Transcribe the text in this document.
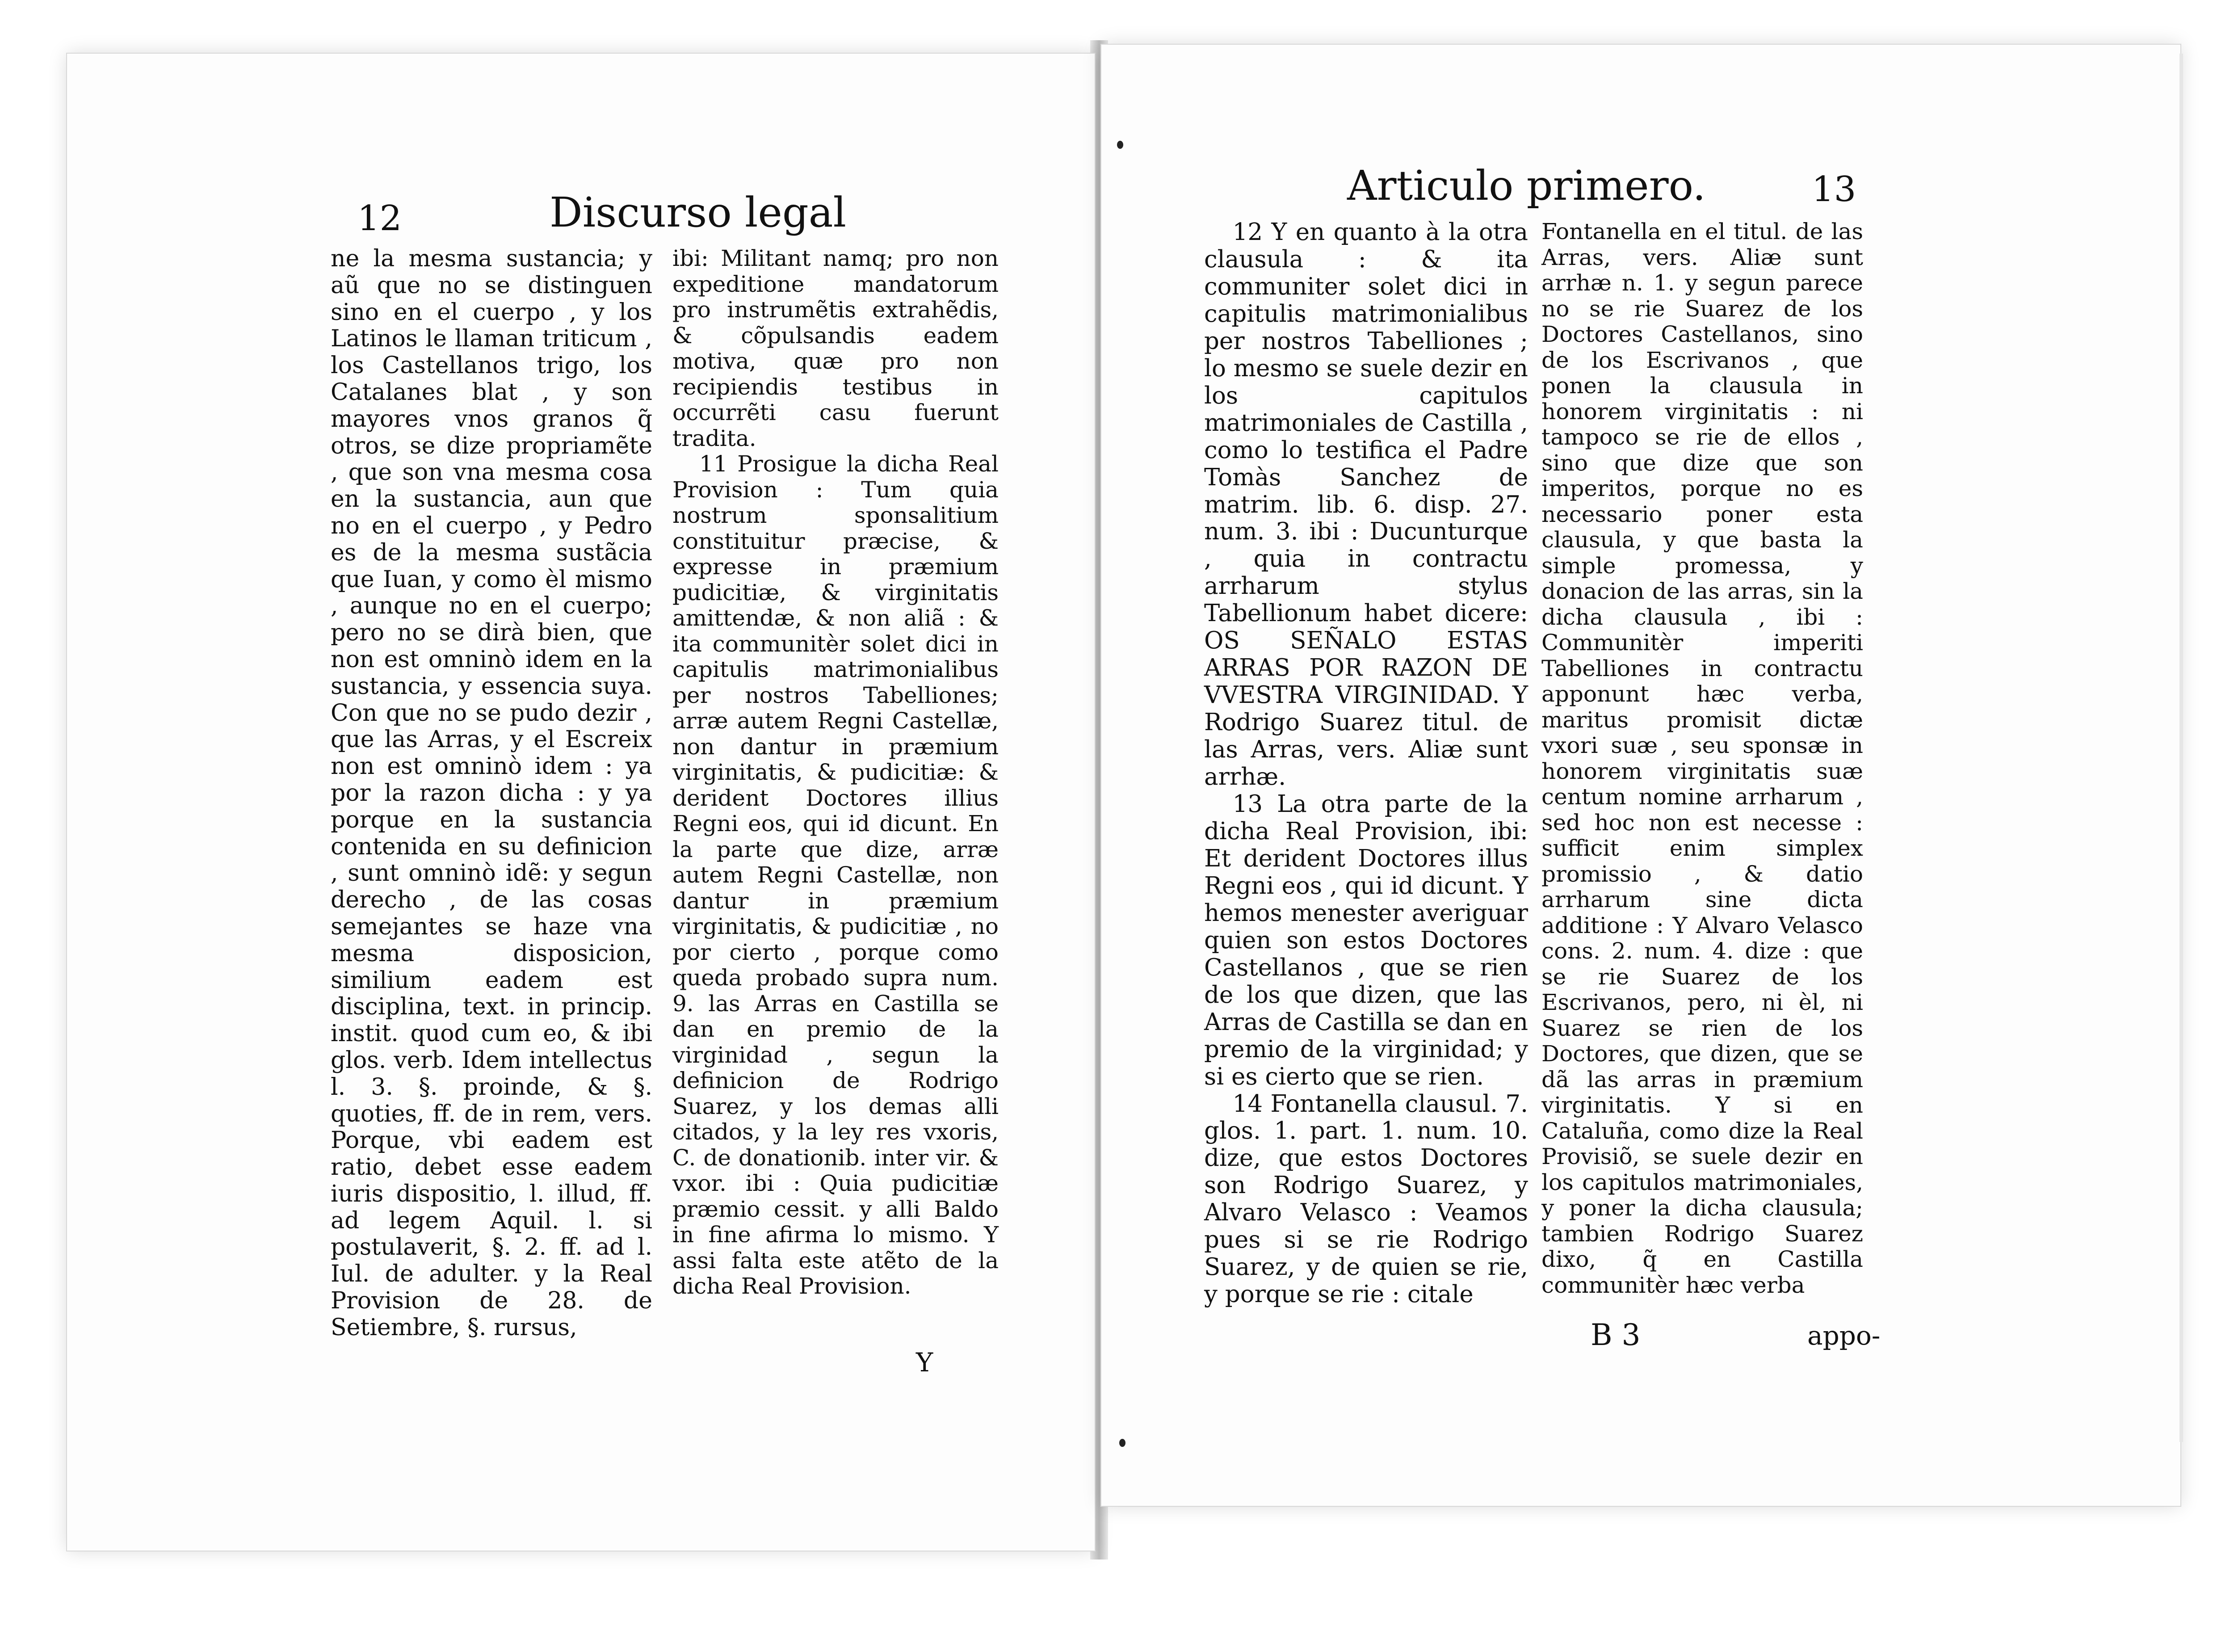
12	Discurso legal

ne la mesma sustancia; y aũ que no se distinguen sino en el cuerpo , y los Latinos le llaman triticum , los Castellanos trigo, los Catalanes blat , y son mayores vnos granos q̃ otros, se dize propriamẽte , que son vna mesma cosa en la sustancia, aun que no en el cuerpo , y Pedro es de la mesma sustãcia que Iuan, y como èl mismo , aunque no en el cuerpo; pero no se dirà bien, que non est omninò idem en la sustancia, y essencia suya. Con que no se pudo dezir , que las Arras, y el Escreix non est omninò idem : ya por la razon dicha : y ya porque en la sustancia contenida en su definicion , sunt omninò idẽ: y segun derecho , de las cosas semejantes se haze vna mesma disposicion, similium eadem est disciplina, text. in princip. instit. quod cum eo, & ibi glos. verb. Idem intellectus l. 3. §. proinde, & §. quoties, ff. de in rem, vers. Porque, vbi eadem est ratio, debet esse eadem iuris dispositio, l. illud, ff. ad legem Aquil. l. si postulaverit, §. 2. ff. ad l. Iul. de adulter. y la Real Provision de 28. de Setiembre, §. rursus,

ibi: Militant namq; pro non expeditione mandatorum pro instrumẽtis extrahẽdis, & cõpulsandis eadem motiva, quæ pro non recipiendis testibus in occurrẽti casu fuerunt tradita.

11 Prosigue la dicha Real Provision : Tum quia nostrum sponsalitium constituitur præcise, & expresse in præmium pudicitiæ, & virginitatis amittendæ, & non aliã : & ita communitèr solet dici in capitulis matrimonialibus per nostros Tabelliones; arræ autem Regni Castellæ, non dantur in præmium virginitatis, & pudicitiæ: & derident Doctores illius Regni eos, qui id dicunt. En la parte que dize, arræ autem Regni Castellæ, non dantur in præmium virginitatis, & pudicitiæ , no por cierto , porque como queda probado supra num. 9. las Arras en Castilla se dan en premio de la virginidad , segun la definicion de Rodrigo Suarez, y los demas alli citados, y la ley res vxoris, C. de donationib. inter vir. & vxor. ibi : Quia pudicitiæ præmio cessit. y alli Baldo in fine afirma lo mismo. Y assi falta este atẽto de la dicha Real Provision.

Y
Articulo primero.	13

12 Y en quanto à la otra clausula : & ita communiter solet dici in capitulis matrimonialibus per nostros Tabelliones ; lo mesmo se suele dezir en los capitulos matrimoniales de Castilla , como lo testifica el Padre Tomàs Sanchez de matrim. lib. 6. disp. 27. num. 3. ibi : Ducunturque , quia in contractu arrharum stylus Tabellionum habet dicere: OS SEÑALO ESTAS ARRAS POR RAZON DE VVESTRA VIRGINIDAD. Y Rodrigo Suarez titul. de las Arras, vers. Aliæ sunt arrhæ.

13 La otra parte de la dicha Real Provision, ibi: Et derident Doctores illus Regni eos , qui id dicunt. Y hemos menester averiguar quien son estos Doctores Castellanos , que se rien de los que dizen, que las Arras de Castilla se dan en premio de la virginidad; y si es cierto que se rien.

14 Fontanella clausul. 7. glos. 1. part. 1. num. 10. dize, que estos Doctores son Rodrigo Suarez, y Alvaro Velasco : Veamos pues si se rie Rodrigo Suarez, y de quien se rie, y porque se rie : citale

Fontanella en el titul. de las Arras, vers. Aliæ sunt arrhæ n. 1. y segun parece no se rie Suarez de los Doctores Castellanos, sino de los Escrivanos , que ponen la clausula in honorem virginitatis : ni tampoco se rie de ellos , sino que dize que son imperitos, porque no es necessario poner esta clausula, y que basta la simple promessa, y donacion de las arras, sin la dicha clausula , ibi : Communitèr imperiti Tabelliones in contractu apponunt hæc verba, maritus promisit dictæ vxori suæ , seu sponsæ in honorem virginitatis suæ centum nomine arrharum , sed hoc non est necesse : sufficit enim simplex promissio , & datio arrharum sine dicta additione : Y Alvaro Velasco cons. 2. num. 4. dize : que se rie Suarez de los Escrivanos, pero, ni èl, ni Suarez se rien de los Doctores, que dizen, que se dã las arras in præmium virginitatis. Y si en Cataluña, como dize la Real Provisiõ, se suele dezir en los capitulos matrimoniales, y poner la dicha clausula; tambien Rodrigo Suarez dixo, q̃ en Castilla communitèr hæc verba

B 3	appo-
